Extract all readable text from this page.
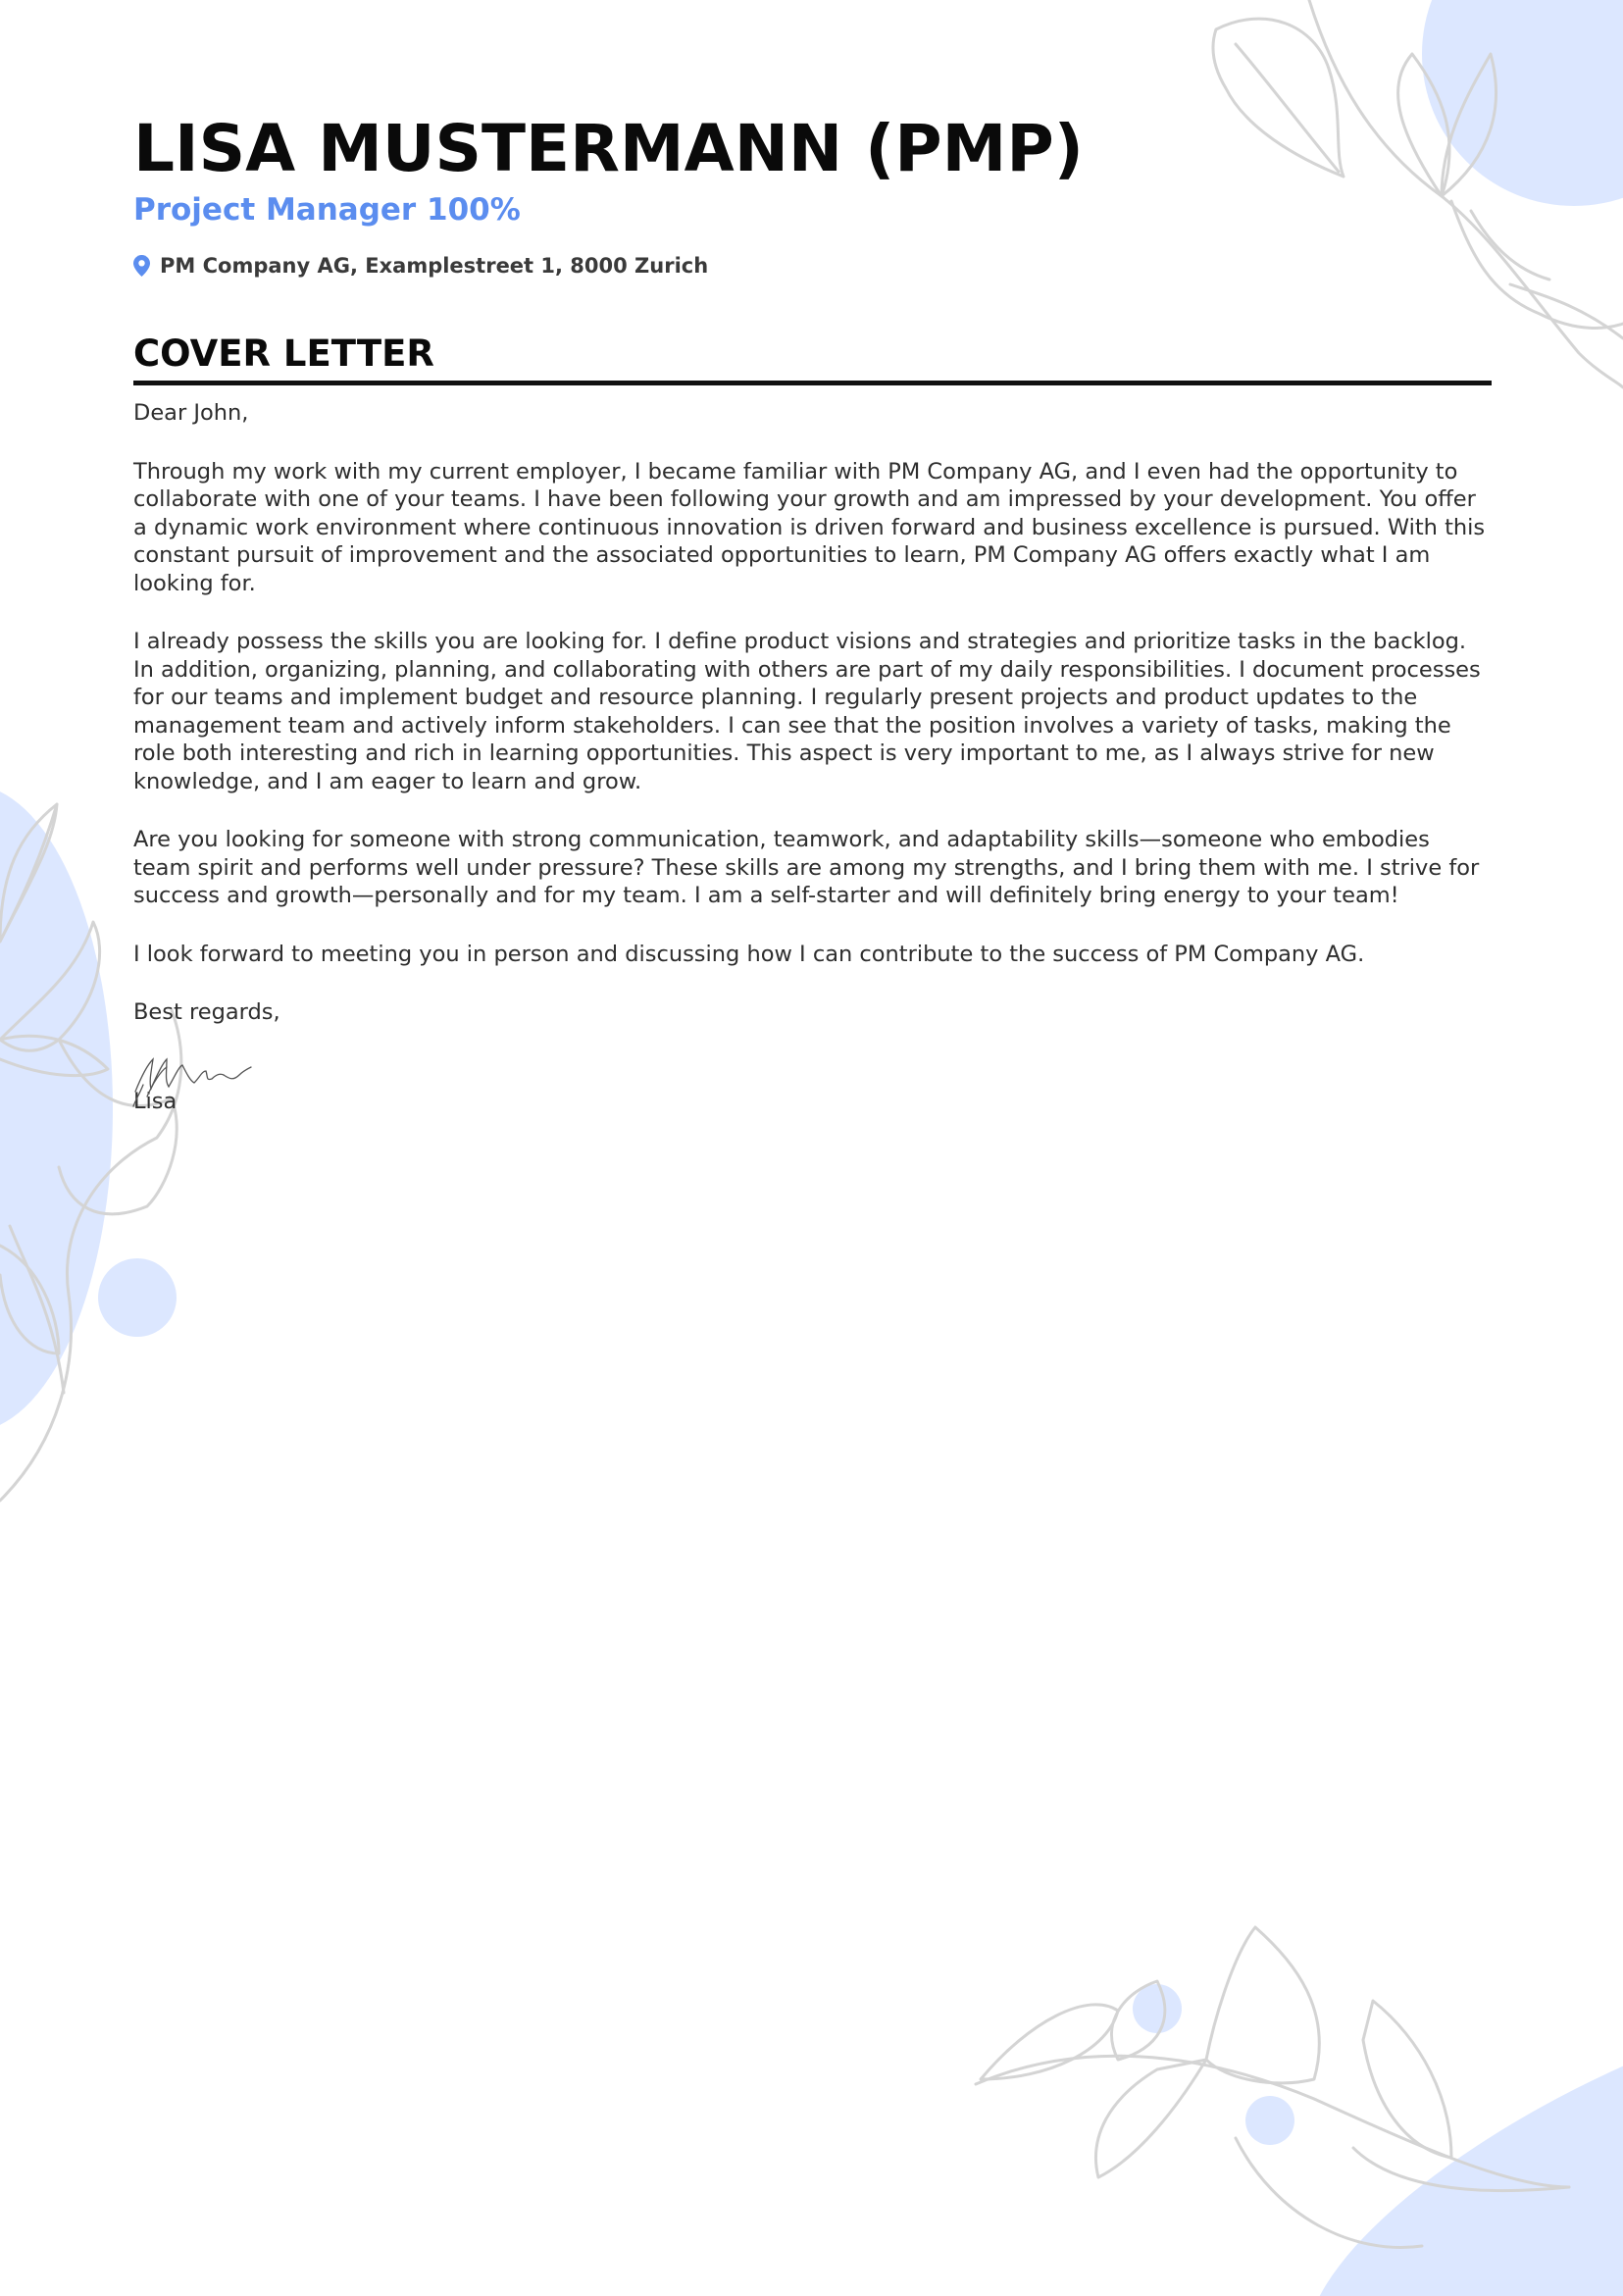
LISA MUSTERMANN (PMP)
Project Manager 100%
PM Company AG, Examplestreet 1, 8000 Zurich
COVER LETTER

Dear John,

Through my work with my current employer, I became familiar with PM Company AG, and I even had the opportunity to collaborate with one of your teams. I have been following your growth and am impressed by your development. You offer a dynamic work environment where continuous innovation is driven forward and business excellence is pursued. With this constant pursuit of improvement and the associated opportunities to learn, PM Company AG offers exactly what I am looking for.

I already possess the skills you are looking for. I define product visions and strategies and prioritize tasks in the backlog. In addition, organizing, planning, and collaborating with others are part of my daily responsibilities. I document processes for our teams and implement budget and resource planning. I regularly present projects and product updates to the management team and actively inform stakeholders. I can see that the position involves a variety of tasks, making the role both interesting and rich in learning opportunities. This aspect is very important to me, as I always strive for new knowledge, and I am eager to learn and grow.

Are you looking for someone with strong communication, teamwork, and adaptability skills—someone who embodies team spirit and performs well under pressure? These skills are among my strengths, and I bring them with me. I strive for success and growth—personally and for my team. I am a self-starter and will definitely bring energy to your team!

I look forward to meeting you in person and discussing how I can contribute to the success of PM Company AG.

Best regards,

Lisa
